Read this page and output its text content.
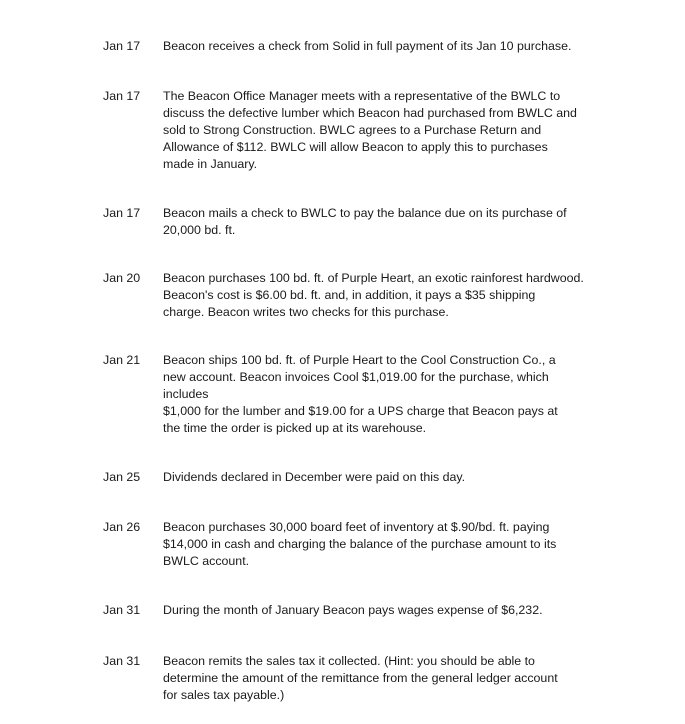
Jan 17 Beacon receives a check from Solid in full payment of its Jan 10 purchase.
Jan 17 The Beacon Office Manager meets with a representative of the BWLC to
discuss the defective lumber which Beacon had purchased from BWLC and
sold to Strong Construction. BWLC agrees to a Purchase Return and
Allowance of $112. BWLC will allow Beacon to apply this to purchases
made in January.
Jan 17 Beacon mails a check to BWLC to pay the balance due on its purchase of
20,000 bd. ft.
Jan 20 Beacon purchases 100 bd. ft. of Purple Heart, an exotic rainforest hardwood.
Beacon's cost is $6.00 bd. ft. and, in addition, it pays a $35 shipping
charge. Beacon writes two checks for this purchase.
Jan 21 Beacon ships 100 bd. ft. of Purple Heart to the Cool Construction Co., a
new account. Beacon invoices Cool $1,019.00 for the purchase, which
includes
$1,000 for the lumber and $19.00 for a UPS charge that Beacon pays at
the time the order is picked up at its warehouse.
Jan 25 Dividends declared in December were paid on this day.
Jan 26 Beacon purchases 30,000 board feet of inventory at $.90/bd. ft. paying
$14,000 in cash and charging the balance of the purchase amount to its
BWLC account.
Jan 31 During the month of January Beacon pays wages expense of $6,232.
Jan 31 Beacon remits the sales tax it collected. (Hint: you should be able to
determine the amount of the remittance from the general ledger account
for sales tax payable.)
